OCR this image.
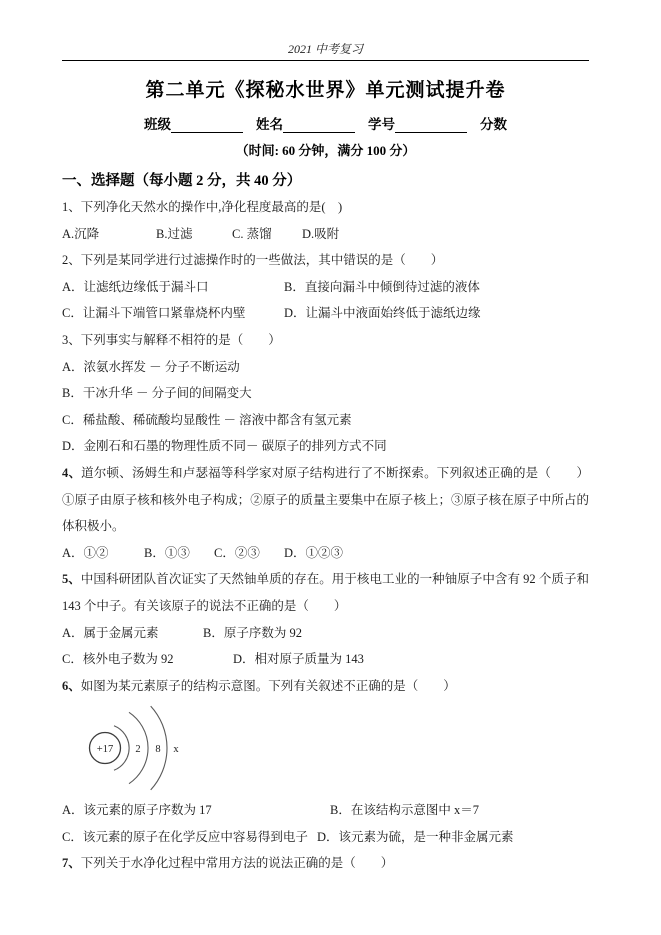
2021 中考复习
第二单元《探秘水世界》单元测试提升卷
班级	姓名	学号	分数
（时间: 60 分钟，满分 100 分）
一、选择题（每小题 2 分，共 40 分）

1、下列净化天然水的操作中,净化程度最高的是(　)

A.沉降	B.过滤	C. 蒸馏 D.吸附

2、下列是某同学进行过滤操作时的一些做法，其中错误的是（　　）

A．让滤纸边缘低于漏斗口	B．直接向漏斗中倾倒待过滤的液体

C．让漏斗下端管口紧靠烧杯内壁	D．让漏斗中液面始终低于滤纸边缘

3、下列事实与解释不相符的是（　　）

A．浓氨水挥发 － 分子不断运动

B．干冰升华 － 分子间的间隔变大

C．稀盐酸、稀硫酸均显酸性 － 溶液中都含有氢元素

D．金刚石和石墨的物理性质不同－ 碳原子的排列方式不同

4、道尔顿、汤姆生和卢瑟福等科学家对原子结构进行了不断探索。下列叙述正确的是（　　）①原子由原子核和核外电子构成；②原子的质量主要集中在原子核上；③原子核在原子中所占的体积极小。

A．①②	B．①③ C．②③ D．①②③

5、中国科研团队首次证实了天然铀单质的存在。用于核电工业的一种铀原子中含有 92 个质子和143 个中子。有关该原子的说法不正确的是（　　）

A．属于金属元素	B．原子序数为 92

C．核外电子数为 92	D．相对原子质量为 143

6、如图为某元素原子的结构示意图。下列有关叙述不正确的是（　　）

+17 2 8 x

A．该元素的原子序数为 17	B．在该结构示意图中 x＝7

C．该元素的原子在化学反应中容易得到电子 D．该元素为硫，是一种非金属元素

7、下列关于水净化过程中常用方法的说法正确的是（　　）
